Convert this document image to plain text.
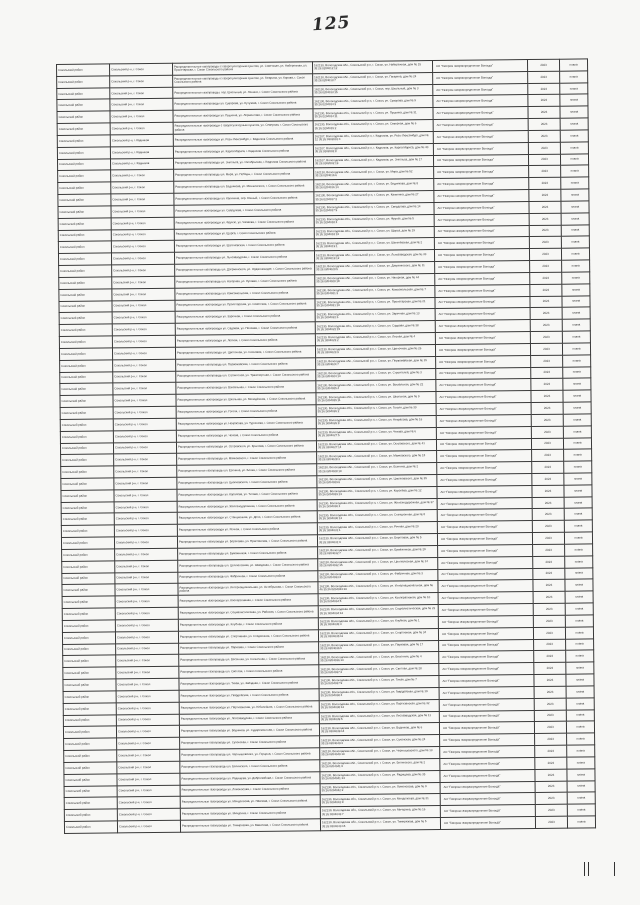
125
Сокольский район	Сокольский р-н, г. Сокол	Распределительные газопроводы с газорегуляторным пунктом, ул. Советская, ул. Набережная, ул. Пролетарская, г. Сокол Сокольского района	162130, Вологодская обл., Сокольский р-н, г. Сокол, ул. Набережная, дом № 15 35:26:0204012:12	АО "Газпром газораспределение Вологда"	2023	плана
Сокольский район	Сокольский р-н, г. Сокол	Распределительные газопроводы с газорегуляторным пунктом, ул. Гагарина, ул. Кирова, г. Сокол Сокольского района	162130, Вологодская обл., Сокольский р-н, г. Сокол, ул. Гагарина, дом № 24 35:26:0204013:7	АО "Газпром газораспределение Вологда"	2023	плана
Сокольский район	Сокольский р-н, г. Сокол	Распределительные газопроводы, пер. Школьный, ул. Ленина, г. Сокол Сокольского района	162130, Вологодская обл., Сокольский р-н, г. Сокол, пер. Школьный, дом № 3 35:26:0204013:15	АО "Газпром газораспределение Вологда"	2023	плана
Сокольский район	Сокольский р-н, г. Сокол	Распределительные газопроводы ул. Суворова, ул. Кутузова, г. Сокол Сокольского района	162130, Вологодская обл., Сокольский р-н, г. Сокол, ул. Суворова, дом № 9 35:26:0204014:3	АО "Газпром газораспределение Вологда"	2023	плана
Сокольский район	Сокольский р-н, г. Сокол	Распределительные газопроводы ул. Пушкина, ул. Лермонтова, г. Сокол Сокольского района	162130, Вологодская обл., Сокольский р-н, г. Сокол, ул. Пушкина, дом № 31 35:26:0204014:11	АО "Газпром газораспределение Вологда"	2023	плана
Сокольский район	Сокольский р-н, г. Сокол	Распределительные газопроводы с газорегуляторным пунктом, ул. Северная, г. Сокол Сокольского района	162130, Вологодская обл., Сокольский р-н, г. Сокол, ул. Северная, дом № 6 35:26:0204015:2	АО "Газпром газораспределение Вологда"	2023	плана
Сокольский район	Сокольский р-н, г. Кадников	Распределительные газопроводы ул. Розы Люксембург, г. Кадников Сокольского района	162107, Вологодская обл., Сокольский р-н, г. Кадников, ул. Розы Люксембург, дом № 12 35:26:0302001:4	АО "Газпром газораспределение Вологда"	2023	плана
Сокольский район	Сокольский р-н, г. Кадников	Распределительные газопроводы ул. Карла Маркса, г. Кадников Сокольского района	162107, Вологодская обл., Сокольский р-н, г. Кадников, ул. Карла Маркса, дом № 40 35:26:0302002:8	АО "Газпром газораспределение Вологда"	2023	плана
Сокольский район	Сокольский р-н, г. Кадников	Распределительные газопроводы ул. Энгельса, ул. Октябрьская, г. Кадников Сокольского района	162107, Вологодская обл., Сокольский р-н, г. Кадников, ул. Энгельса, дом № 17 35:26:0302002:19	АО "Газпром газораспределение Вологда"	2023	плана
Сокольский район	Сокольский р-н, г. Сокол	Распределительные газопроводы ул. Мира, ул. Победы, г. Сокол Сокольского района	162130, Вологодская обл., Сокольский р-н, г. Сокол, ул. Мира, дом № 52 35:26:0204016:6	АО "Газпром газораспределение Вологда"	2023	плана
Сокольский район	Сокольский р-н, г. Сокол	Распределительные газопроводы ул. Беднякова, ул. Менжинского, г. Сокол Сокольского района	162130, Вологодская обл., Сокольский р-н, г. Сокол, ул. Беднякова, дом № 8 35:26:0204016:14	АО "Газпром газораспределение Вологда"	2023	плана
Сокольский район	Сокольский р-н, г. Сокол	Распределительные газопроводы ул. Калинина, пер. Южный, г. Сокол Сокольского района	162130, Вологодская обл., Сокольский р-н, г. Сокол, ул. Калинина, дом № 27 35:26:0204017:2	АО "Газпром газораспределение Вологда"	2023	плана
Сокольский район	Сокольский р-н, г. Сокол	Распределительные газопроводы ул. Свердлова, г. Сокол Сокольского района	162130, Вологодская обл., Сокольский р-н, г. Сокол, ул. Свердлова, дом № 14 35:26:0204017:9	АО "Газпром газораспределение Вологда"	2023	плана
Сокольский район	Сокольский р-н, г. Сокол	Распределительные газопроводы ул. Фрунзе, ул. Чапаева, г. Сокол Сокольского района	162130, Вологодская обл., Сокольский р-н, г. Сокол, ул. Фрунзе, дом № 5 35:26:0204018:4	АО "Газпром газораспределение Вологда"	2023	плана
Сокольский район	Сокольский р-н, г. Сокол	Распределительные газопроводы ул. Щорса, г. Сокол Сокольского района	162130, Вологодская обл., Сокольский р-н, г. Сокол, ул. Щорса, дом № 19 35:26:0204018:16	АО "Газпром газораспределение Вологда"	2023	плана
Сокольский район	Сокольский р-н, г. Сокол	Распределительные газопроводы ул. Шатенёвская, г. Сокол Сокольского района	162130, Вологодская обл., Сокольский р-н, г. Сокол, ул. Шатенёвская, дом № 2 35:26:0204019:1	АО "Газпром газораспределение Вологда"	2023	плана
Сокольский район	Сокольский р-н, г. Сокол	Распределительные газопроводы ул. Льнозаводская, г. Сокол Сокольского района	162130, Вологодская обл., Сокольский р-н, г. Сокол, ул. Льнозаводская, дом № 33 35:26:0204019:12	АО "Газпром газораспределение Вологда"	2023	плана
Сокольский район	Сокольский р-н, г. Сокол	Распределительные газопроводы ул. Дзержинского, ул. Орджоникидзе, г. Сокол Сокольского района	162130, Вологодская обл., Сокольский р-н, г. Сокол, ул. Дзержинского, дом № 11 35:26:0204020:5	АО "Газпром газораспределение Вологда"	2023	плана
Сокольский район	Сокольский р-н, г. Сокол	Распределительные газопроводы ул. Нагорная, ул. Луговая, г. Сокол Сокольского района	162130, Вологодская обл., Сокольский р-н, г. Сокол, ул. Нагорная, дом № 44 35:26:0204020:18	АО "Газпром газораспределение Вологда"	2023	плана
Сокольский район	Сокольский р-н, г. Сокол	Распределительные газопроводы ул. Комсомольская, г. Сокол Сокольского района	162130, Вологодская обл., Сокольский р-н, г. Сокол, ул. Комсомольская, дом № 7 35:26:0204021:3	АО "Газпром газораспределение Вологда"	2023	плана
Сокольский район	Сокольский р-н, г. Сокол	Распределительные газопроводы ул. Пролетарская, ул. Советская, г. Сокол Сокольского района	162130, Вологодская обл., Сокольский р-н, г. Сокол, ул. Пролетарская, дом № 21 35:26:0204021:10	АО "Газпром газораспределение Вологда"	2023	плана
Сокольский район	Сокольский р-н, г. Сокол	Распределительные газопроводы ул. Заречная, г. Сокол Сокольского района	162130, Вологодская обл., Сокольский р-н, г. Сокол, ул. Заречная, дом № 13 35:26:0204022:6	АО "Газпром газораспределение Вологда"	2023	плана
Сокольский район	Сокольский р-н, г. Сокол	Распределительные газопроводы ул. Садовая, ул. Полевая, г. Сокол Сокольского района	162130, Вологодская обл., Сокольский р-н, г. Сокол, ул. Садовая, дом № 38 35:26:0204022:15	АО "Газпром газораспределение Вологда"	2023	плана
Сокольский район	Сокольский р-н, г. Сокол	Распределительные газопроводы ул. Лесная, г. Сокол Сокольского района	162130, Вологодская обл., Сокольский р-н, г. Сокол, ул. Лесная, дом № 4 35:26:0204023:2	АО "Газпром газораспределение Вологда"	2023	плана
Сокольский район	Сокольский р-н, г. Сокол	Распределительные газопроводы ул. Цветочная, ул. Сосновая, г. Сокол Сокольского района	162130, Вологодская обл., Сокольский р-н, г. Сокол, ул. Цветочная, дом № 26 35:26:0204023:9	АО "Газпром газораспределение Вологда"	2023	плана
Сокольский район	Сокольский р-н, г. Сокол	Распределительные газопроводы ул. Первомайская, г. Сокол Сокольского района	162130, Вологодская обл., Сокольский р-н, г. Сокол, ул. Первомайская, дом № 15 35:26:0204024:7	АО "Газпром газораспределение Вологда"	2023	плана
Сокольский район	Сокольский р-н, г. Сокол	Распределительные газопроводы ул. Строителей, ул. Транспортная, г. Сокол Сокольского района	162130, Вологодская обл., Сокольский р-н, г. Сокол, ул. Строителей, дом № 3 35:26:0204024:13	АО "Газпром газораспределение Вологда"	2023	плана
Сокольский район	Сокольский р-н, г. Сокол	Распределительные газопроводы ул. Вокзальная, г. Сокол Сокольского района	162130, Вологодская обл., Сокольский р-н, г. Сокол, ул. Вокзальная, дом № 22 35:26:0204025:4	АО "Газпром газораспределение Вологда"	2023	плана
Сокольский район	Сокольский р-н, г. Сокол	Распределительные газопроводы ул. Школьная, ул. Молодёжная, г. Сокол Сокольского района	162130, Вологодская обл., Сокольский р-н, г. Сокол, ул. Школьная, дом № 9 35:26:0204025:11	АО "Газпром газораспределение Вологда"	2023	плана
Сокольский район	Сокольский р-н, г. Сокол	Распределительные газопроводы ул. Гоголя, г. Сокол Сокольского района	162130, Вологодская обл., Сокольский р-н, г. Сокол, ул. Гоголя, дом № 30 35:26:0204026:2	АО "Газпром газораспределение Вологда"	2023	плана
Сокольский район	Сокольский р-н, г. Сокол	Распределительные газопроводы ул. Некрасова, ул. Тургенева, г. Сокол Сокольского района	162130, Вологодская обл., Сокольский р-н, г. Сокол, ул. Некрасова, дом № 16 35:26:0204026:8	АО "Газпром газораспределение Вологда"	2023	плана
Сокольский район	Сокольский р-н, г. Сокол	Распределительные газопроводы ул. Чехова, г. Сокол Сокольского района	162130, Вологодская обл., Сокольский р-н, г. Сокол, ул. Чехова, дом № 6 35:26:0204027:5	АО "Газпром газораспределение Вологда"	2023	плана
Сокольский район	Сокольский р-н, г. Сокол	Распределительные газопроводы ул. Островского, ул. Крылова, г. Сокол Сокольского района	162130, Вологодская обл., Сокольский р-н, г. Сокол, ул. Островского, дом № 41 35:26:0204027:14	АО "Газпром газораспределение Вологда"	2023	плана
Сокольский район	Сокольский р-н, г. Сокол	Распределительные газопроводы ул. Маяковского, г. Сокол Сокольского района	162130, Вологодская обл., Сокольский р-н, г. Сокол, ул. Маяковского, дом № 18 35:26:0204028:3	АО "Газпром газораспределение Вологда"	2023	плана
Сокольский район	Сокольский р-н, г. Сокол	Распределительные газопроводы ул. Есенина, ул. Блока, г. Сокол Сокольского района	162130, Вологодская обл., Сокольский р-н, г. Сокол, ул. Есенина, дом № 2 35:26:0204028:10	АО "Газпром газораспределение Вологда"	2023	плана
Сокольский район	Сокольский р-н, г. Сокол	Распределительные газопроводы ул. Циолковского, г. Сокол Сокольского района	162130, Вологодская обл., Сокольский р-н, г. Сокол, ул. Циолковского, дом № 25 35:26:0204029:6	АО "Газпром газораспределение Вологда"	2023	плана
Сокольский район	Сокольский р-н, г. Сокол	Распределительные газопроводы ул. Королёва, ул. Титова, г. Сокол Сокольского района	162130, Вологодская обл., Сокольский р-н, г. Сокол, ул. Королёва, дом № 12 35:26:0204029:13	АО "Газпром газораспределение Вологда"	2023	плана
Сокольский район	Сокольский р-н, г. Сокол	Распределительные газопроводы ул. Железнодорожная, г. Сокол Сокольского района	162130, Вологодская обл., Сокольский р-н, г. Сокол, ул. Железнодорожная, дом № 37 35:26:0204030:4	АО "Газпром газораспределение Вологда"	2023	плана
Сокольский район	Сокольский р-н, г. Сокол	Распределительные газопроводы ул. Станционная, ул. Депо, г. Сокол Сокольского района	162130, Вологодская обл., Сокольский р-н, г. Сокол, ул. Станционная, дом № 8 35:26:0204030:12	АО "Газпром газораспределение Вологда"	2023	плана
Сокольский район	Сокольский р-н, г. Сокол	Распределительные газопроводы ул. Речная, г. Сокол Сокольского района	162130, Вологодская обл., Сокольский р-н, г. Сокол, ул. Речная, дом № 20 35:26:0204031:1	АО "Газпром газораспределение Вологда"	2023	плана
Сокольский район	Сокольский р-н, г. Сокол	Распределительные газопроводы ул. Береговая, ул. Пристанская, г. Сокол Сокольского района	162130, Вологодская обл., Сокольский р-н, г. Сокол, ул. Береговая, дом № 5 35:26:0204031:9	АО "Газпром газораспределение Вологда"	2023	плана
Сокольский район	Сокольский р-н, г. Сокол	Распределительные газопроводы ул. Бумажников, г. Сокол Сокольского района	162130, Вологодская обл., Сокольский р-н, г. Сокол, ул. Бумажников, дом № 29 35:26:0204032:7	АО "Газпром газораспределение Вологда"	2023	плана
Сокольский район	Сокольский р-н, г. Сокол	Распределительные газопроводы ул. Целлюлозная, ул. Заводская, г. Сокол Сокольского района	162130, Вологодская обл., Сокольский р-н, г. Сокол, ул. Целлюлозная, дом № 14 35:26:0204032:15	АО "Газпром газораспределение Вологда"	2023	плана
Сокольский район	Сокольский р-н, г. Сокол	Распределительные газопроводы ул. Фабричная, г. Сокол Сокольского района	162130, Вологодская обл., Сокольский р-н, г. Сокол, ул. Фабричная, дом № 3 35:26:0204033:2	АО "Газпром газораспределение Вологда"	2023	плана
Сокольский район	Сокольский р-н, г. Сокол	Распределительные газопроводы ул. Интернациональная, ул. Октябрьская, г. Сокол Сокольского района	162130, Вологодская обл., Сокольский р-н, г. Сокол, ул. Интернациональная, дом № 46 35:26:0204033:10	АО "Газпром газораспределение Вологда"	2023	плана
Сокольский район	Сокольский р-н, г. Сокол	Распределительные газопроводы ул. Кооперативная, г. Сокол Сокольского района	162130, Вологодская обл., Сокольский р-н, г. Сокол, ул. Кооперативная, дом № 10 35:26:0204034:5	АО "Газпром газораспределение Вологда"	2023	плана
Сокольский район	Сокольский р-н, г. Сокол	Распределительные газопроводы ул. Социалистическая, ул. Рабочая, г. Сокол Сокольского района	162130, Вологодская обл., Сокольский р-н, г. Сокол, ул. Социалистическая, дом № 23 35:26:0204034:12	АО "Газпром газораспределение Вологда"	2023	плана
Сокольский район	Сокольский р-н, г. Сокол	Распределительные газопроводы ул. Клубная, г. Сокол Сокольского района	162130, Вологодская обл., Сокольский р-н, г. Сокол, ул. Клубная, дом № 1 35:26:0204035:3	АО "Газпром газораспределение Вологда"	2023	плана
Сокольский район	Сокольский р-н, г. Сокол	Распределительные газопроводы ул. Спортивная, ул. Стадионная, г. Сокол Сокольского района	162130, Вологодская обл., Сокольский р-н, г. Сокол, ул. Спортивная, дом № 34 35:26:0204035:11	АО "Газпром газораспределение Вологда"	2023	плана
Сокольский район	Сокольский р-н, г. Сокол	Распределительные газопроводы ул. Парковая, г. Сокол Сокольского района	162130, Вологодская обл., Сокольский р-н, г. Сокол, ул. Парковая, дом № 17 35:26:0204036:6	АО "Газпром газораспределение Вологда"	2023	плана
Сокольский район	Сокольский р-н, г. Сокол	Распределительные газопроводы ул. Весенняя, ул. Солнечная, г. Сокол Сокольского района	162130, Вологодская обл., Сокольский р-н, г. Сокол, ул. Весенняя, дом № 4 35:26:0204036:13	АО "Газпром газораспределение Вологда"	2023	плана
Сокольский район	Сокольский р-н, г. Сокол	Распределительные газопроводы ул. Светлая, г. Сокол Сокольского района	162130, Вологодская обл., Сокольский р-н, г. Сокол, ул. Светлая, дом № 28 35:26:0204037:2	АО "Газпром газораспределение Вологда"	2023	плана
Сокольский район	Сокольский р-н, г. Сокол	Распределительные газопроводы ул. Тихая, ул. Звёздная, г. Сокол Сокольского района	162130, Вологодская обл., Сокольский р-н, г. Сокол, ул. Тихая, дом № 7 35:26:0204037:9	АО "Газпром газораспределение Вологда"	2023	плана
Сокольский район	Сокольский р-н, г. Сокол	Распределительные газопроводы ул. Гвардейская, г. Сокол Сокольского района	162130, Вологодская обл., Сокольский р-н, г. Сокол, ул. Гвардейская, дом № 19 35:26:0204038:4	АО "Газпром газораспределение Вологда"	2023	плана
Сокольский район	Сокольский р-н, г. Сокол	Распределительные газопроводы ул. Партизанская, ул. Юбилейная, г. Сокол Сокольского района	162130, Вологодская обл., Сокольский р-н, г. Сокол, ул. Партизанская, дом № 32 35:26:0204038:12	АО "Газпром газораспределение Вологда"	2023	плана
Сокольский район	Сокольский р-н, г. Сокол	Распределительные газопроводы ул. Лесозаводская, г. Сокол Сокольского района	162130, Вологодская обл., Сокольский р-н, г. Сокол, ул. Лесозаводская, дом № 11 35:26:0204039:5	АО "Газпром газораспределение Вологда"	2023	плана
Сокольский район	Сокольский р-н, г. Сокол	Распределительные газопроводы ул. Водников, ул. Судоремонтная, г. Сокол Сокольского района	162130, Вологодская обл., Сокольский р-н, г. Сокол, ул. Водников, дом № 6 35:26:0204039:14	АО "Газпром газораспределение Вологда"	2023	плана
Сокольский район	Сокольский р-н, г. Сокол	Распределительные газопроводы ул. Сухонская, г. Сокол Сокольского района	162130, Вологодская обл., Сокольский р-н, г. Сокол, ул. Сухонская, дом № 24 35:26:0204040:3	АО "Газпром газораспределение Вологда"	2023	плана
Сокольский район	Сокольский р-н, г. Сокол	Распределительные газопроводы ул. Чернышевского, ул. Герцена, г. Сокол Сокольского района	162130, Вологодская обл., Сокольский р-н, г. Сокол, ул. Чернышевского, дом № 13 35:26:0204040:10	АО "Газпром газораспределение Вологда"	2023	плана
Сокольский район	Сокольский р-н, г. Сокол	Распределительные газопроводы ул. Белинского, г. Сокол Сокольского района	162130, Вологодская обл., Сокольский р-н, г. Сокол, ул. Белинского, дом № 2 35:26:0204041:6	АО "Газпром газораспределение Вологда"	2023	плана
Сокольский район	Сокольский р-н, г. Сокол	Распределительные газопроводы ул. Радищева, ул. Добролюбова, г. Сокол Сокольского района	162130, Вологодская обл., Сокольский р-н, г. Сокол, ул. Радищева, дом № 35 35:26:0204041:13	АО "Газпром газораспределение Вологда"	2023	плана
Сокольский район	Сокольский р-н, г. Сокол	Распределительные газопроводы ул. Ломоносова, г. Сокол Сокольского района	162130, Вологодская обл., Сокольский р-н, г. Сокол, ул. Ломоносова, дом № 9 35:26:0204042:2	АО "Газпром газораспределение Вологда"	2023	плана
Сокольский район	Сокольский р-н, г. Сокол	Распределительные газопроводы ул. Менделеева, ул. Павлова, г. Сокол Сокольского района	162130, Вологодская обл., Сокольский р-н, г. Сокол, ул. Менделеева, дом № 21 35:26:0204042:9	АО "Газпром газораспределение Вологда"	2023	плана
Сокольский район	Сокольский р-н, г. Сокол	Распределительные газопроводы ул. Мичурина, г. Сокол Сокольского района	162130, Вологодская обл., Сокольский р-н, г. Сокол, ул. Мичурина, дом № 16 35:26:0204043:7	АО "Газпром газораспределение Вологда"	2023	плана
Сокольский район	Сокольский р-н, г. Сокол	Распределительные газопроводы ул. Тимирязева, ул. Вавилова, г. Сокол Сокольского района	162130, Вологодская обл., Сокольский р-н, г. Сокол, ул. Тимирязева, дом № 5 35:26:0204043:15	АО "Газпром газораспределение Вологда"	2023	плана
